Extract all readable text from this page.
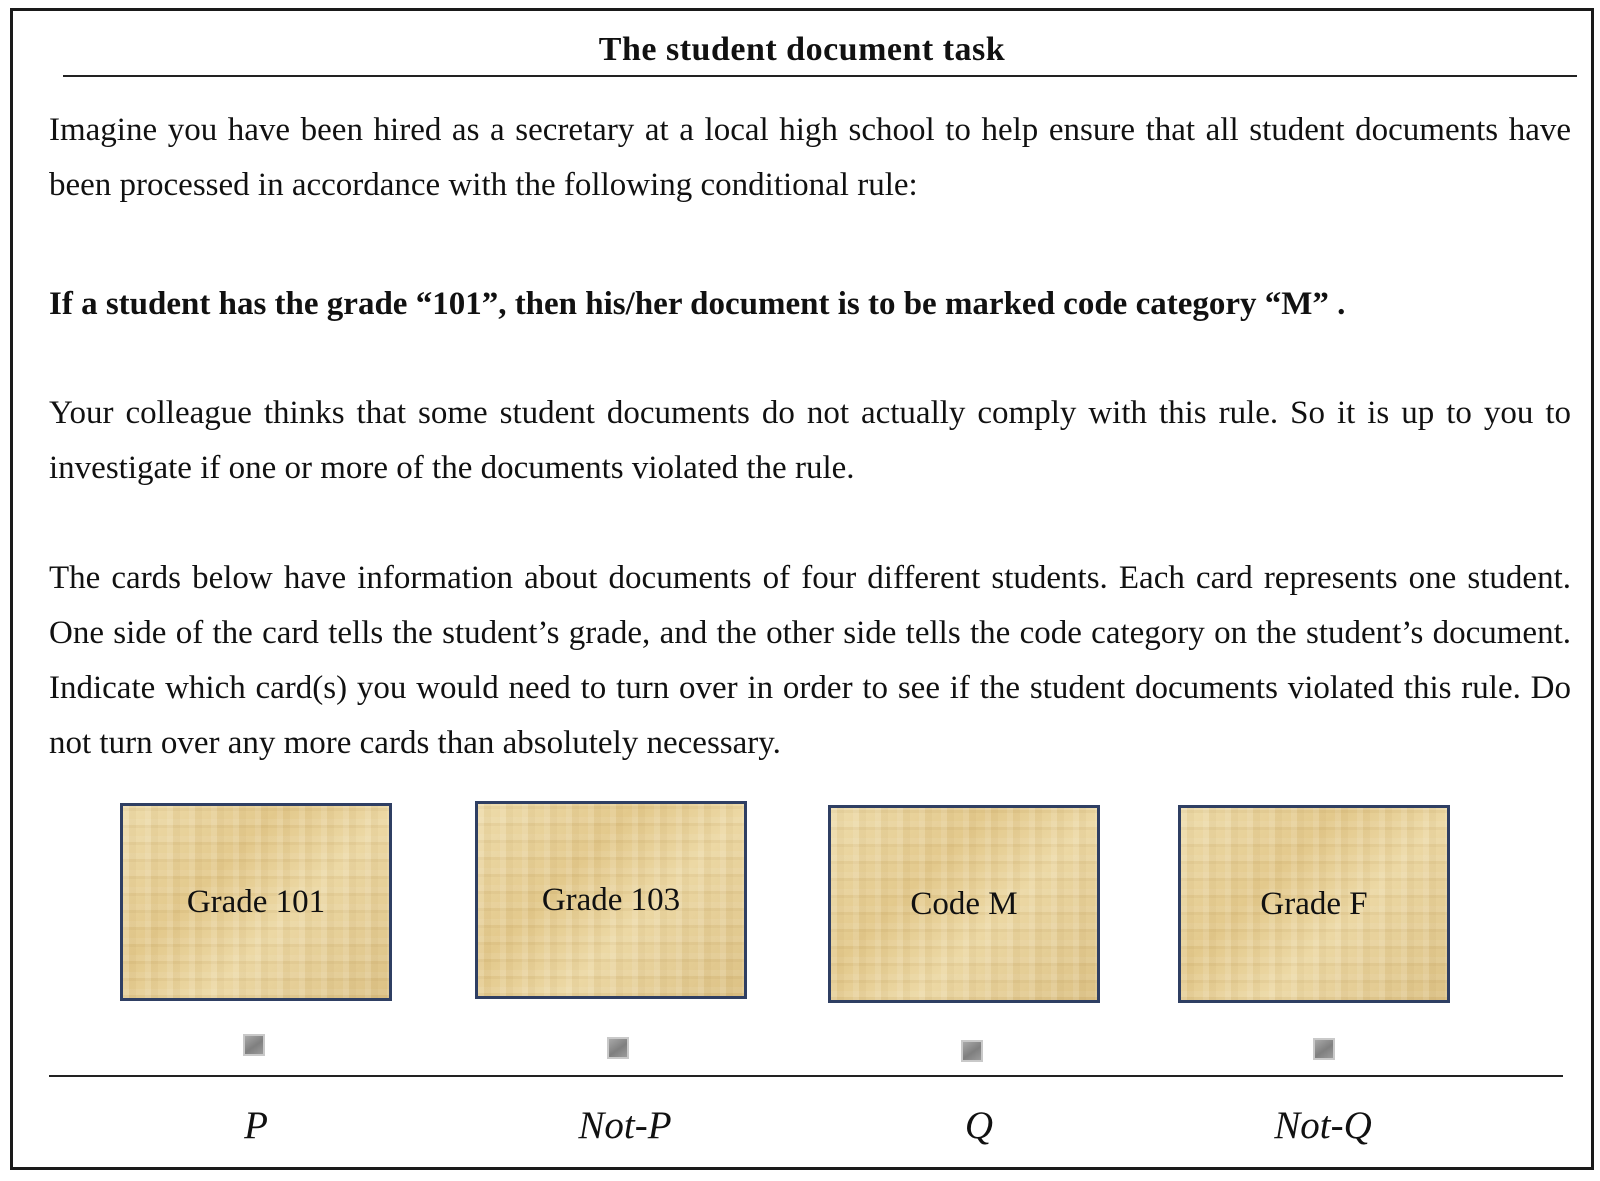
The student document task
Imagine you have been hired as a secretary at a local high school to help ensure that all student documents have been processed in accordance with the following conditional rule:
If a student has the grade “101”, then his/her document is to be marked code category “M” .
Your colleague thinks that some student documents do not actually comply with this rule. So it is up to you to investigate if one or more of the documents violated the rule.
The cards below have information about documents of four different students. Each card represents one student. One side of the card tells the student’s grade, and the other side tells the code category on the student’s document. Indicate which card(s) you would need to turn over in order to see if the student documents violated this rule. Do not turn over any more cards than absolutely necessary.
Grade 101	Grade 103	Code M	Grade F
P	Not-P	Q	Not-Q
